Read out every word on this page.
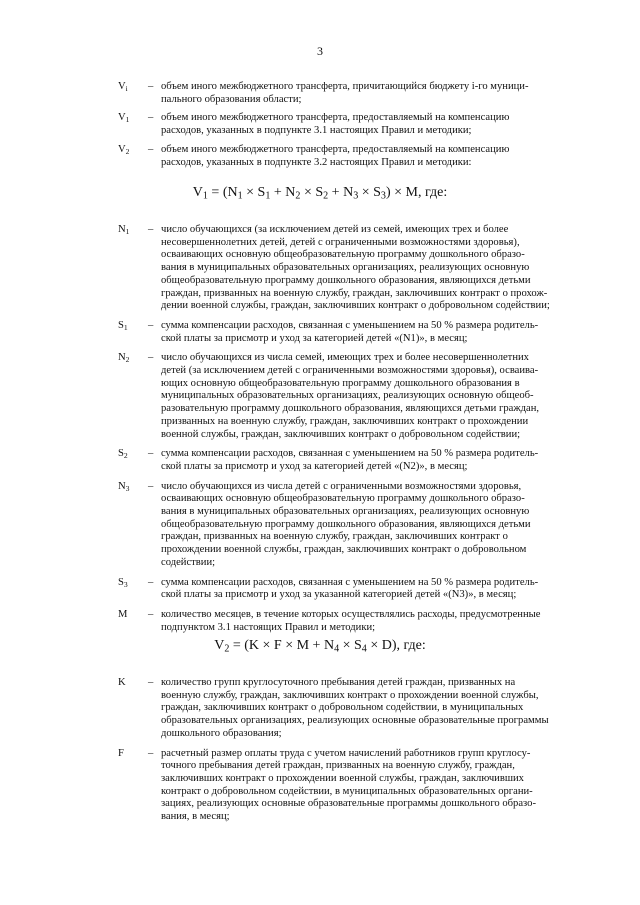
3
$V_i$	– объем иного межбюджетного трансферта, причитающийся бюджету i-го муници-
пального образования области;
$V_1$	– объем иного межбюджетного трансферта, предоставляемый на компенсацию
расходов, указанных в подпункте 3.1 настоящих Правил и методики;
$V_2$	– объем иного межбюджетного трансферта, предоставляемый на компенсацию
расходов, указанных в подпункте 3.2 настоящих Правил и методики:
$V_1 = (N_1 \times S_1 + N_2 \times S_2 + N_3 \times S_3) \times M$, где:
$N_1$	– число обучающихся (за исключением детей из семей, имеющих трех и более
несовершеннолетних детей, детей с ограниченными возможностями здоровья),
осваивающих основную общеобразовательную программу дошкольного образо-
вания в муниципальных образовательных организациях, реализующих основную
общеобразовательную программу дошкольного образования, являющихся детьми
граждан, призванных на военную службу, граждан, заключивших контракт о прохож-
дении военной службы, граждан, заключивших контракт о добровольном содействии;
$S_1$	– сумма компенсации расходов, связанная с уменьшением на 50 % размера родитель-
ской платы за присмотр и уход за категорией детей «(N1)», в месяц;
$N_2$	– число обучающихся из числа семей, имеющих трех и более несовершеннолетних
детей (за исключением детей с ограниченными возможностями здоровья), осваива-
ющих основную общеобразовательную программу дошкольного образования в
муниципальных образовательных организациях, реализующих основную общеоб-
разовательную программу дошкольного образования, являющихся детьми граждан,
призванных на военную службу, граждан, заключивших контракт о прохождении
военной службы, граждан, заключивших контракт о добровольном содействии;
$S_2$	– сумма компенсации расходов, связанная с уменьшением на 50 % размера родитель-
ской платы за присмотр и уход за категорией детей «(N2)», в месяц;
$N_3$	– число обучающихся из числа детей с ограниченными возможностями здоровья,
осваивающих основную общеобразовательную программу дошкольного образо-
вания в муниципальных образовательных организациях, реализующих основную
общеобразовательную программу дошкольного образования, являющихся детьми
граждан, призванных на военную службу, граждан, заключивших контракт о
прохождении военной службы, граждан, заключивших контракт о добровольном
содействии;
$S_3$	– сумма компенсации расходов, связанная с уменьшением на 50 % размера родитель-
ской платы за присмотр и уход за указанной категорией детей «(N3)», в месяц;
M	– количество месяцев, в течение которых осуществлялись расходы, предусмотренные
подпунктом 3.1 настоящих Правил и методики;
$V_2 = (K \times F \times M + N_4 \times S_4 \times D)$, где:
K	– количество групп круглосуточного пребывания детей граждан, призванных на
военную службу, граждан, заключивших контракт о прохождении военной службы,
граждан, заключивших контракт о добровольном содействии, в муниципальных
образовательных организациях, реализующих основные образовательные программы
дошкольного образования;
F	– расчетный размер оплаты труда с учетом начислений работников групп круглосу-
точного пребывания детей граждан, призванных на военную службу, граждан,
заключивших контракт о прохождении военной службы, граждан, заключивших
контракт о добровольном содействии, в муниципальных образовательных органи-
зациях, реализующих основные образовательные программы дошкольного образо-
вания, в месяц;
